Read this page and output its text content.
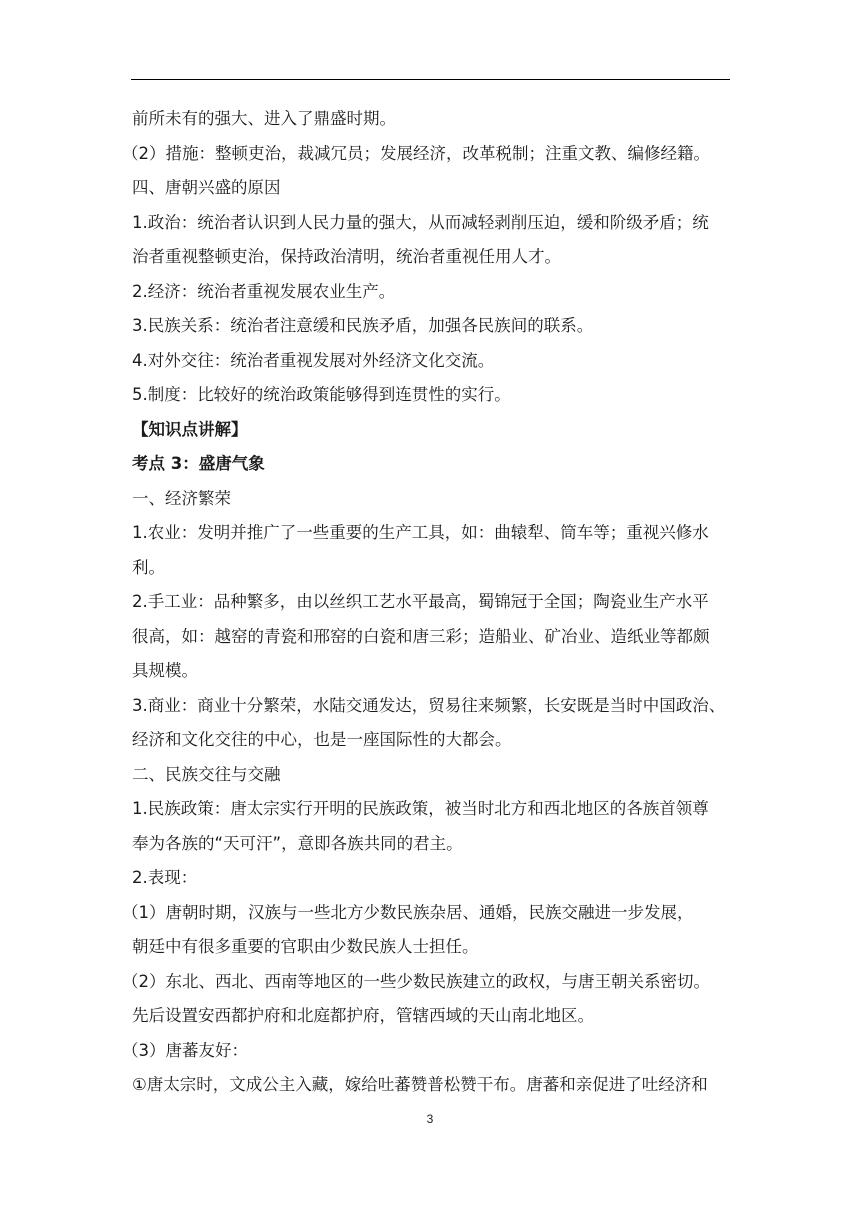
前所未有的强大、进入了鼎盛时期。

（2）措施：整顿吏治，裁减冗员；发展经济，改革税制；注重文教、编修经籍。

四、唐朝兴盛的原因

1.政治：统治者认识到人民力量的强大，从而减轻剥削压迫，缓和阶级矛盾；统

治者重视整顿吏治，保持政治清明，统治者重视任用人才。

2.经济：统治者重视发展农业生产。

3.民族关系：统治者注意缓和民族矛盾，加强各民族间的联系。

4.对外交往：统治者重视发展对外经济文化交流。

5.制度：比较好的统治政策能够得到连贯性的实行。

【知识点讲解】

考点 3：盛唐气象

一、经济繁荣

1.农业：发明并推广了一些重要的生产工具，如：曲辕犁、筒车等；重视兴修水

利。

2.手工业：品种繁多，由以丝织工艺水平最高，蜀锦冠于全国；陶瓷业生产水平

很高，如：越窑的青瓷和邢窑的白瓷和唐三彩；造船业、矿冶业、造纸业等都颇

具规模。

3.商业：商业十分繁荣，水陆交通发达，贸易往来频繁，长安既是当时中国政治、

经济和文化交往的中心，也是一座国际性的大都会。

二、民族交往与交融

1.民族政策：唐太宗实行开明的民族政策，被当时北方和西北地区的各族首领尊

奉为各族的“天可汗”，意即各族共同的君主。

2.表现：

（1）唐朝时期，汉族与一些北方少数民族杂居、通婚，民族交融进一步发展，

朝廷中有很多重要的官职由少数民族人士担任。

（2）东北、西北、西南等地区的一些少数民族建立的政权，与唐王朝关系密切。

先后设置安西都护府和北庭都护府，管辖西域的天山南北地区。

（3）唐蕃友好：

①唐太宗时，文成公主入藏，嫁给吐蕃赞普松赞干布。唐蕃和亲促进了吐经济和

3
